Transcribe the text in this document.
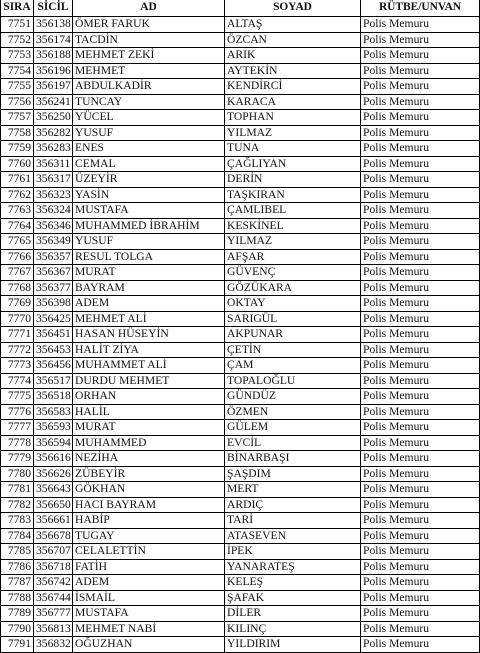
SIRA	SİCİL	AD	SOYAD	RÜTBE/UNVAN
7751	356138	ÖMER FARUK	ALTAŞ	Polis Memuru
7752	356174	TACDİN	ÖZCAN	Polis Memuru
7753	356188	MEHMET ZEKİ	ARIK	Polis Memuru
7754	356196	MEHMET	AYTEKİN	Polis Memuru
7755	356197	ABDULKADİR	KENDİRCİ	Polis Memuru
7756	356241	TUNCAY	KARACA	Polis Memuru
7757	356250	YÜCEL	TOPHAN	Polis Memuru
7758	356282	YUSUF	YILMAZ	Polis Memuru
7759	356283	ENES	TUNA	Polis Memuru
7760	356311	CEMAL	ÇAĞLIYAN	Polis Memuru
7761	356317	ÜZEYİR	DERİN	Polis Memuru
7762	356323	YASİN	TAŞKIRAN	Polis Memuru
7763	356324	MUSTAFA	ÇAMLIBEL	Polis Memuru
7764	356346	MUHAMMED İBRAHİM	KESKİNEL	Polis Memuru
7765	356349	YUSUF	YILMAZ	Polis Memuru
7766	356357	RESUL TOLGA	AFŞAR	Polis Memuru
7767	356367	MURAT	GÜVENÇ	Polis Memuru
7768	356377	BAYRAM	GÖZÜKARA	Polis Memuru
7769	356398	ADEM	OKTAY	Polis Memuru
7770	356425	MEHMET ALİ	SARIGÜL	Polis Memuru
7771	356451	HASAN HÜSEYİN	AKPUNAR	Polis Memuru
7772	356453	HALİT ZİYA	ÇETİN	Polis Memuru
7773	356456	MUHAMMET ALİ	ÇAM	Polis Memuru
7774	356517	DURDU MEHMET	TOPALOĞLU	Polis Memuru
7775	356518	ORHAN	GÜNDÜZ	Polis Memuru
7776	356583	HALİL	ÖZMEN	Polis Memuru
7777	356593	MURAT	GÜLEM	Polis Memuru
7778	356594	MUHAMMED	EVCİL	Polis Memuru
7779	356616	NEZİHA	BİNARBAŞI	Polis Memuru
7780	356626	ZÜBEYİR	ŞAŞDIM	Polis Memuru
7781	356643	GÖKHAN	MERT	Polis Memuru
7782	356650	HACI BAYRAM	ARDIÇ	Polis Memuru
7783	356661	HABİP	TARİ	Polis Memuru
7784	356678	TUGAY	ATASEVEN	Polis Memuru
7785	356707	CELALETTİN	İPEK	Polis Memuru
7786	356718	FATİH	YANARATEŞ	Polis Memuru
7787	356742	ADEM	KELEŞ	Polis Memuru
7788	356744	İSMAİL	ŞAFAK	Polis Memuru
7789	356777	MUSTAFA	DİLER	Polis Memuru
7790	356813	MEHMET NABİ	KILINÇ	Polis Memuru
7791	356832	OĞUZHAN	YILDIRIM	Polis Memuru
